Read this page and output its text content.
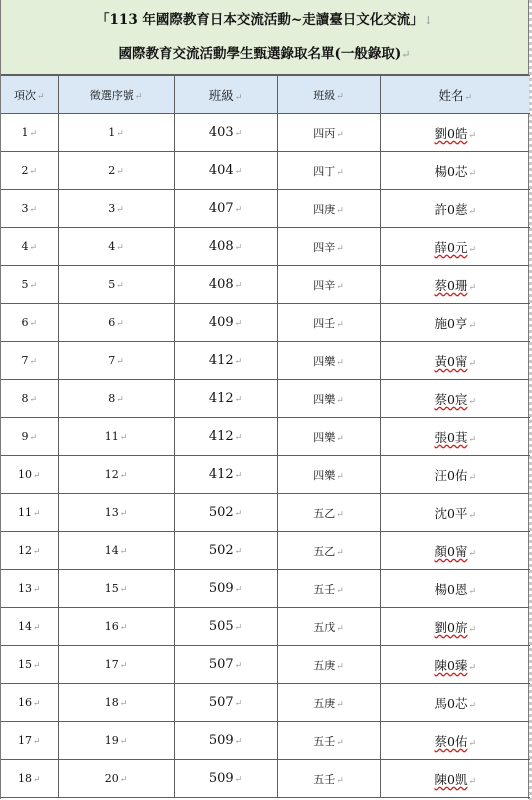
「113 年國際教育日本交流活動~走讀臺日文化交流」↓
國際教育交流活動學生甄選錄取名單(一般錄取)↵
項次↵	徵選序號↵	班級↵	班級↵	姓名↵
1↵	1↵	403↵	四丙↵	劉0皓↵
2↵	2↵	404↵	四丁↵	楊0芯↵
3↵	3↵	407↵	四庚↵	許0慈↵
4↵	4↵	408↵	四辛↵	薛0元↵
5↵	5↵	408↵	四辛↵	蔡0珊↵
6↵	6↵	409↵	四壬↵	施0亨↵
7↵	7↵	412↵	四樂↵	黃0甯↵
8↵	8↵	412↵	四樂↵	蔡0宸↵
9↵	11↵	412↵	四樂↵	張0萁↵
10↵	12↵	412↵	四樂↵	汪0佑↵
11↵	13↵	502↵	五乙↵	沈0平↵
12↵	14↵	502↵	五乙↵	顏0甯↵
13↵	15↵	509↵	五壬↵	楊0恩↵
14↵	16↵	505↵	五戊↵	劉0旂↵
15↵	17↵	507↵	五庚↵	陳0臻↵
16↵	18↵	507↵	五庚↵	馬0芯↵
17↵	19↵	509↵	五壬↵	蔡0佑↵
18↵	20↵	509↵	五壬↵	陳0凱↵
